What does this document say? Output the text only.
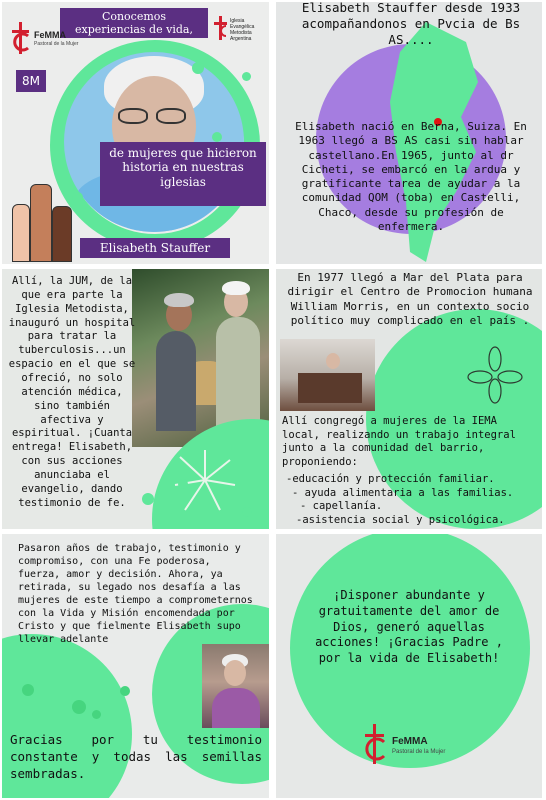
Conocemos
experiencias de vida,
FeMMA
Pastoral de la Mujer
Iglesia Evangélica Metodista Argentina
8M
de mujeres que hicieron historia en nuestras iglesias
Elisabeth Stauffer
Elisabeth Stauffer desde 1933 acompañandonos en Pvcia de Bs AS....
Elisabeth nació en Berna, Suiza. En 1963 llegó a BS AS casi sin hablar castellano.En 1965, junto al dr Cicheti, se embarcó en la ardua y gratificante tarea de ayudar a la comunidad QOM (toba) en Castelli, Chaco, desde su profesión de enfermera.
Allí, la JUM, de la que era parte la Iglesia Metodista, inauguró un hospital para tratar la tuberculosis...un espacio en el que se ofreció, no solo atención médica, sino también afectiva y espiritual. ¡Cuanta entrega! Elisabeth, con sus acciones anunciaba el evangelio, dando testimonio de fe.
En 1977 llegó a Mar del Plata para dirigir el Centro de Promocion humana William Morris, en un contexto socio político muy complicado en el país .
Allí congregó a mujeres de la IEMA local, realizando un trabajo integral junto a la comunidad del barrio, proponiendo:
-educación y protección familiar.
- ayuda alimentaria a las familias.
- capellanía.
-asistencia social y psicológica.
Pasaron años de trabajo, testimonio y compromiso, con una Fe poderosa, fuerza, amor y decisión. Ahora, ya retirada, su legado nos desafía a las mujeres de este tiempo a comprometernos con la Vida y Misión encomendada por Cristo y que fielmente Elisabeth supo llevar adelante
Gracias por tu testimonio constante y todas las semillas sembradas.
¡Disponer abundante y gratuitamente del amor de Dios, generó aquellas acciones! ¡Gracias Padre , por la vida de Elisabeth!
FeMMA
Pastoral de la Mujer
